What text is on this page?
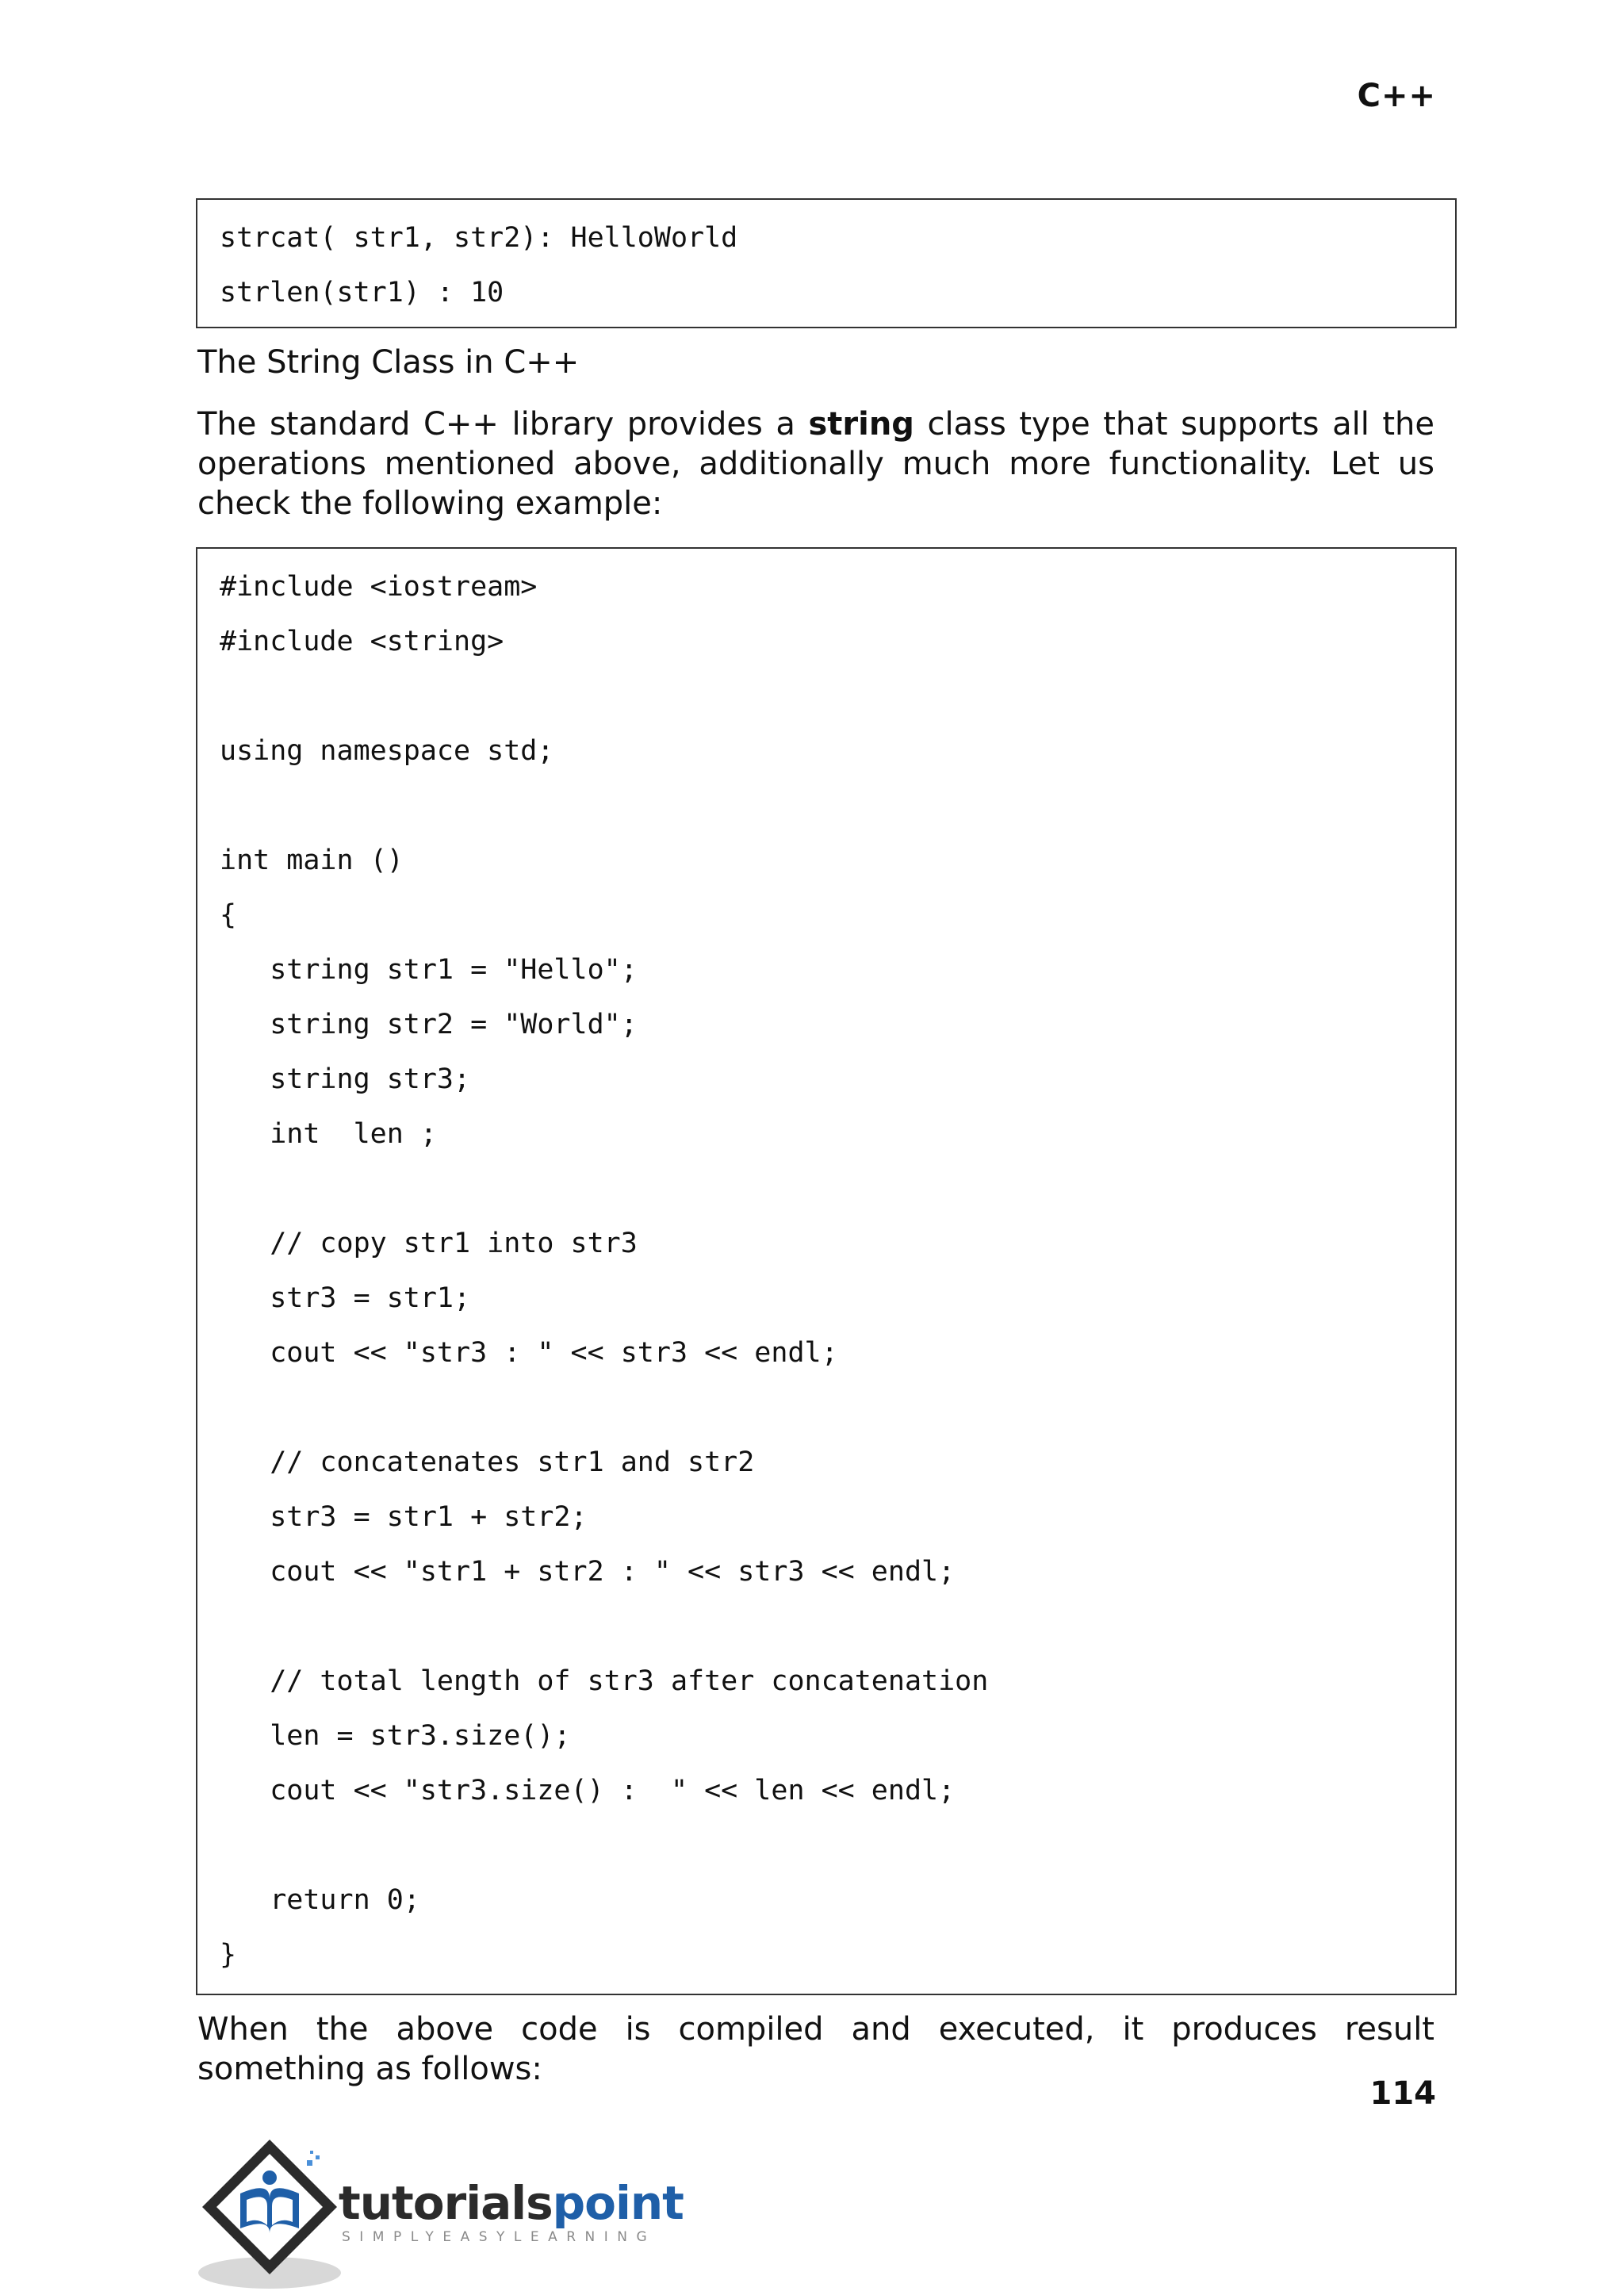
C++
strcat( str1, str2): HelloWorld
strlen(str1) : 10
The String Class in C++
The standard C++ library provides a string class type that supports all the operations mentioned above, additionally much more functionality. Let us check the following example:
#include <iostream>
#include <string>
using namespace std;
int main ()
{
string str1 = "Hello";
string str2 = "World";
string str3;
int  len ;
// copy str1 into str3
str3 = str1;
cout << "str3 : " << str3 << endl;
// concatenates str1 and str2
str3 = str1 + str2;
cout << "str1 + str2 : " << str3 << endl;
// total length of str3 after concatenation
len = str3.size();
cout << "str3.size() :  " << len << endl;
return 0;
}
When the above code is compiled and executed, it produces result something as follows:
114
tutorialspoint
SIMPLYEASYLEARNING
